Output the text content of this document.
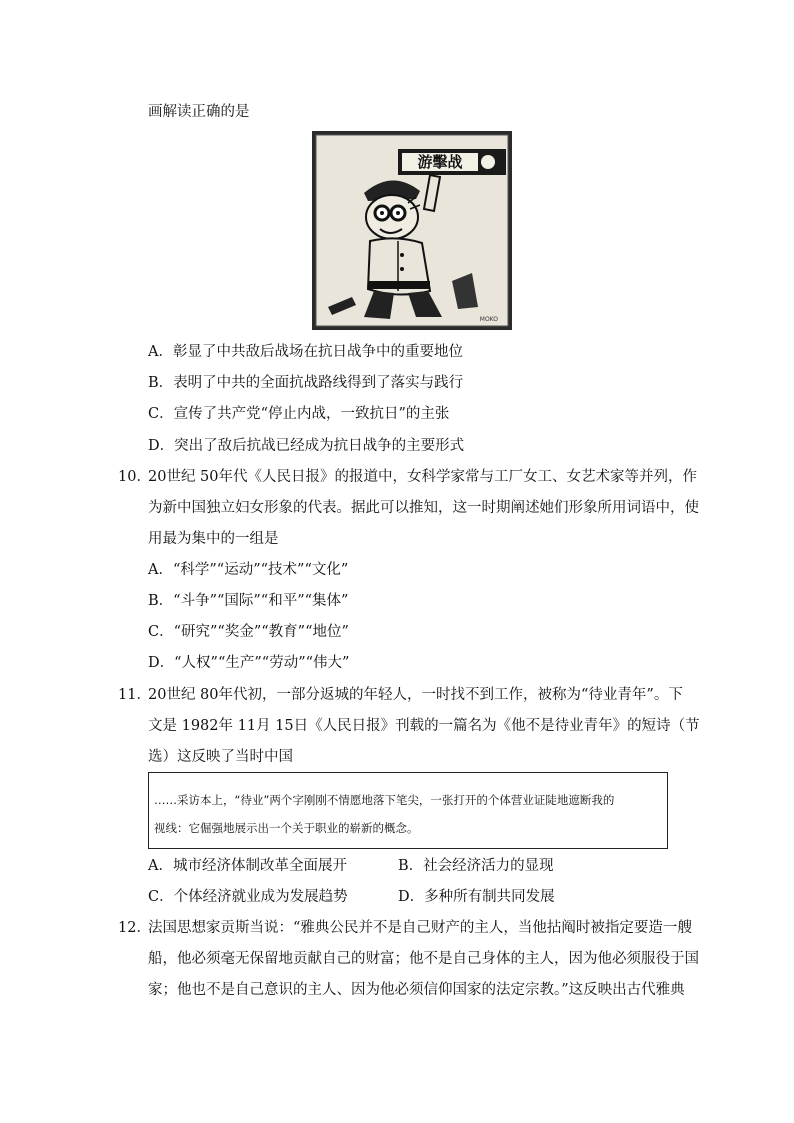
画解读正确的是
游擊战
MOKO
A．彰显了中共敌后战场在抗日战争中的重要地位
B．表明了中共的全面抗战路线得到了落实与践行
C．宣传了共产党“停止内战，一致抗日”的主张
D．突出了敌后抗战已经成为抗日战争的主要形式
10．
20世纪 50年代《人民日报》的报道中，女科学家常与工厂女工、女艺术家等并列，作
为新中国独立妇女形象的代表。据此可以推知，这一时期阐述她们形象所用词语中，使
用最为集中的一组是
A．“科学”“运动”“技术”“文化”
B．“斗争”“国际”“和平”“集体”
C．“研究”“奖金”“教育”“地位”
D．“人权”“生产”“劳动”“伟大”
11．
20世纪 80年代初，一部分返城的年轻人，一时找不到工作，被称为“待业青年”。下
文是 1982年 11月 15日《人民日报》刊载的一篇名为《他不是待业青年》的短诗（节
选）这反映了当时中国
……采访本上，“待业”两个字刚刚不情愿地落下笔尖，一张打开的个体营业证陡地遮断我的
视线：它倔强地展示出一个关于职业的崭新的概念。
A．城市经济体制改革全面展开	B．社会经济活力的显现
C．个体经济就业成为发展趋势	D．多种所有制共同发展
12．
法国思想家贡斯当说：“雅典公民并不是自己财产的主人，当他拈阄时被指定要造一艘
船，他必须毫无保留地贡献自己的财富；他不是自己身体的主人，因为他必须服役于国
家；他也不是自己意识的主人、因为他必须信仰国家的法定宗教。”这反映出古代雅典
